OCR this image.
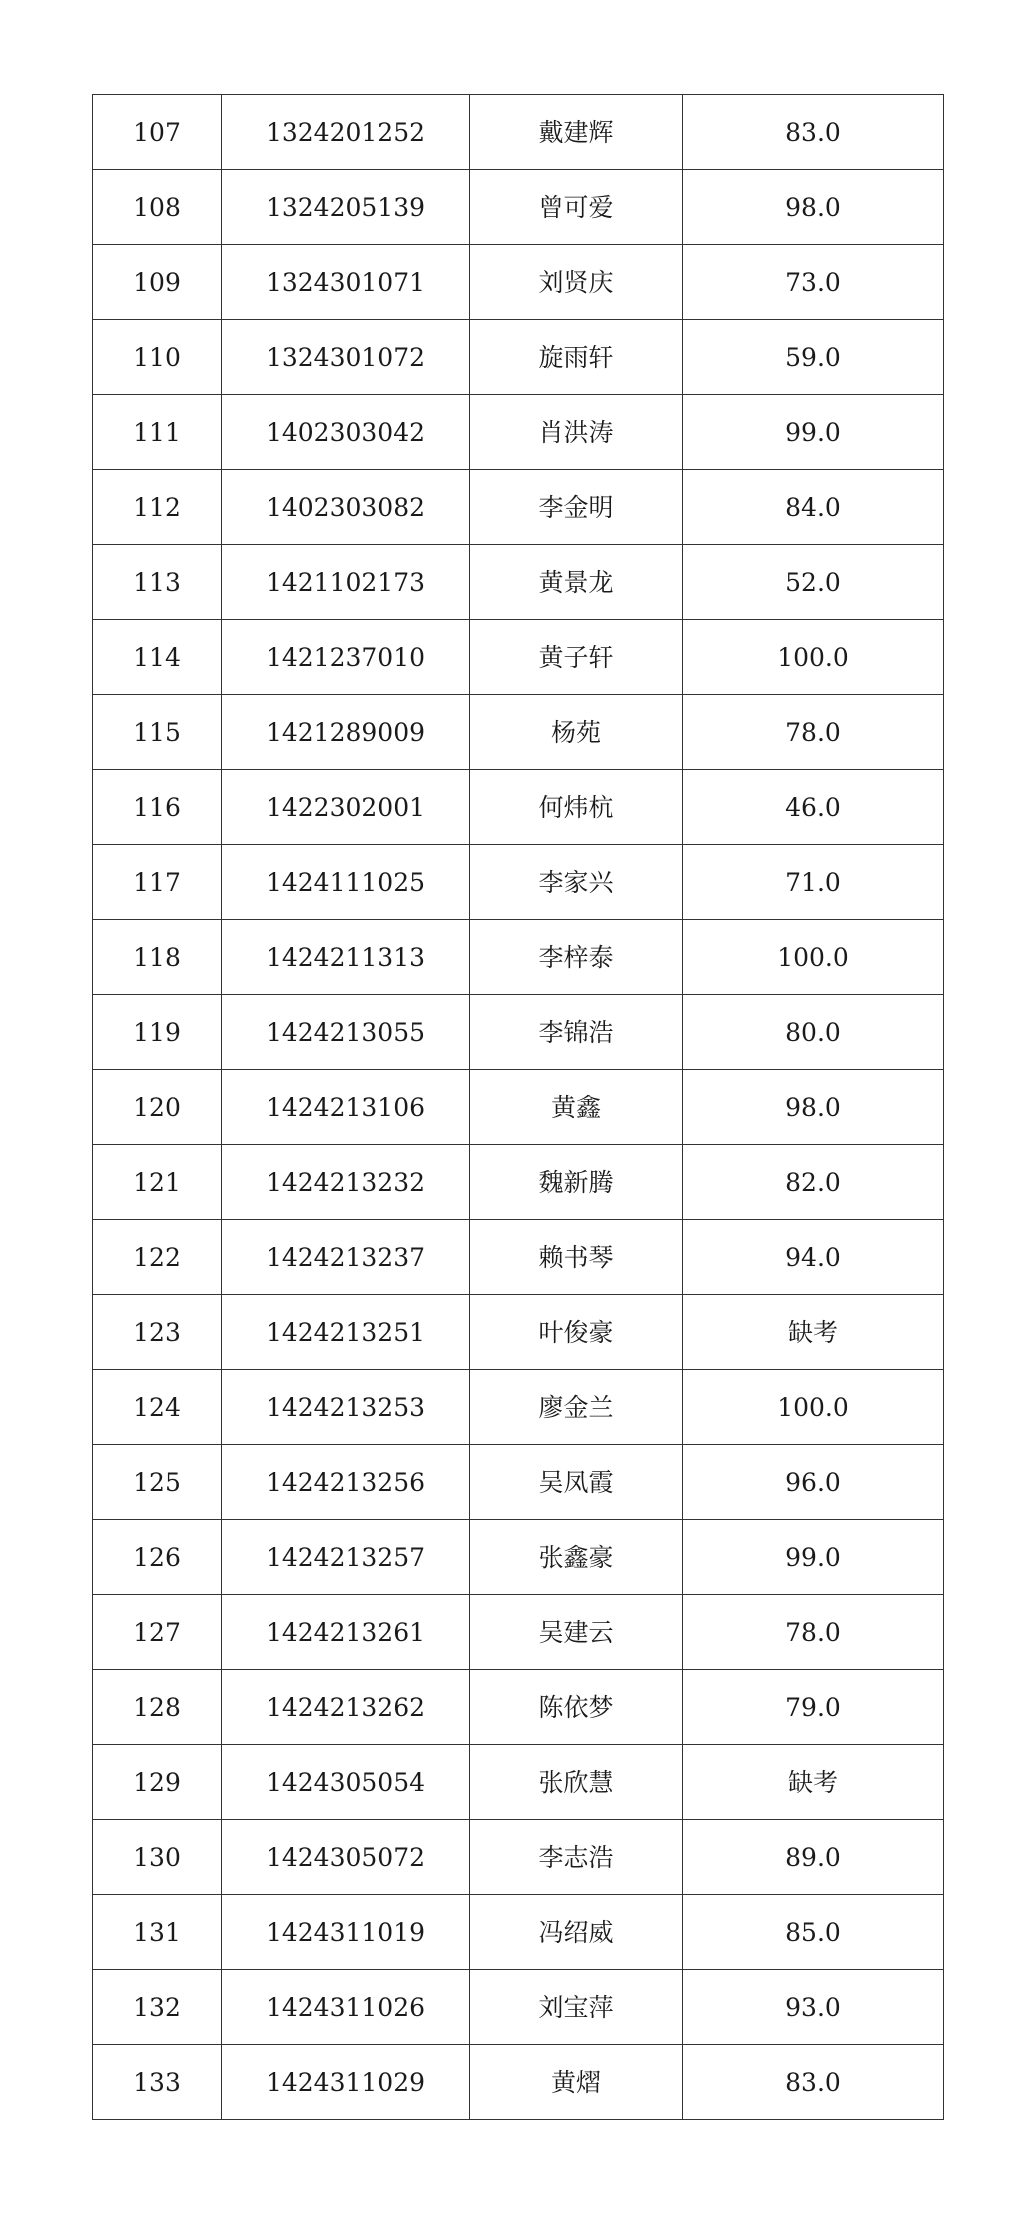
107	1324201252	戴建辉	83.0
108	1324205139	曾可爱	98.0
109	1324301071	刘贤庆	73.0
110	1324301072	旋雨轩	59.0
111	1402303042	肖洪涛	99.0
112	1402303082	李金明	84.0
113	1421102173	黄景龙	52.0
114	1421237010	黄子轩	100.0
115	1421289009	杨苑	78.0
116	1422302001	何炜杭	46.0
117	1424111025	李家兴	71.0
118	1424211313	李梓泰	100.0
119	1424213055	李锦浩	80.0
120	1424213106	黄鑫	98.0
121	1424213232	魏新腾	82.0
122	1424213237	赖书琴	94.0
123	1424213251	叶俊豪	缺考
124	1424213253	廖金兰	100.0
125	1424213256	吴凤霞	96.0
126	1424213257	张鑫豪	99.0
127	1424213261	吴建云	78.0
128	1424213262	陈依梦	79.0
129	1424305054	张欣慧	缺考
130	1424305072	李志浩	89.0
131	1424311019	冯绍威	85.0
132	1424311026	刘宝萍	93.0
133	1424311029	黄熠	83.0
